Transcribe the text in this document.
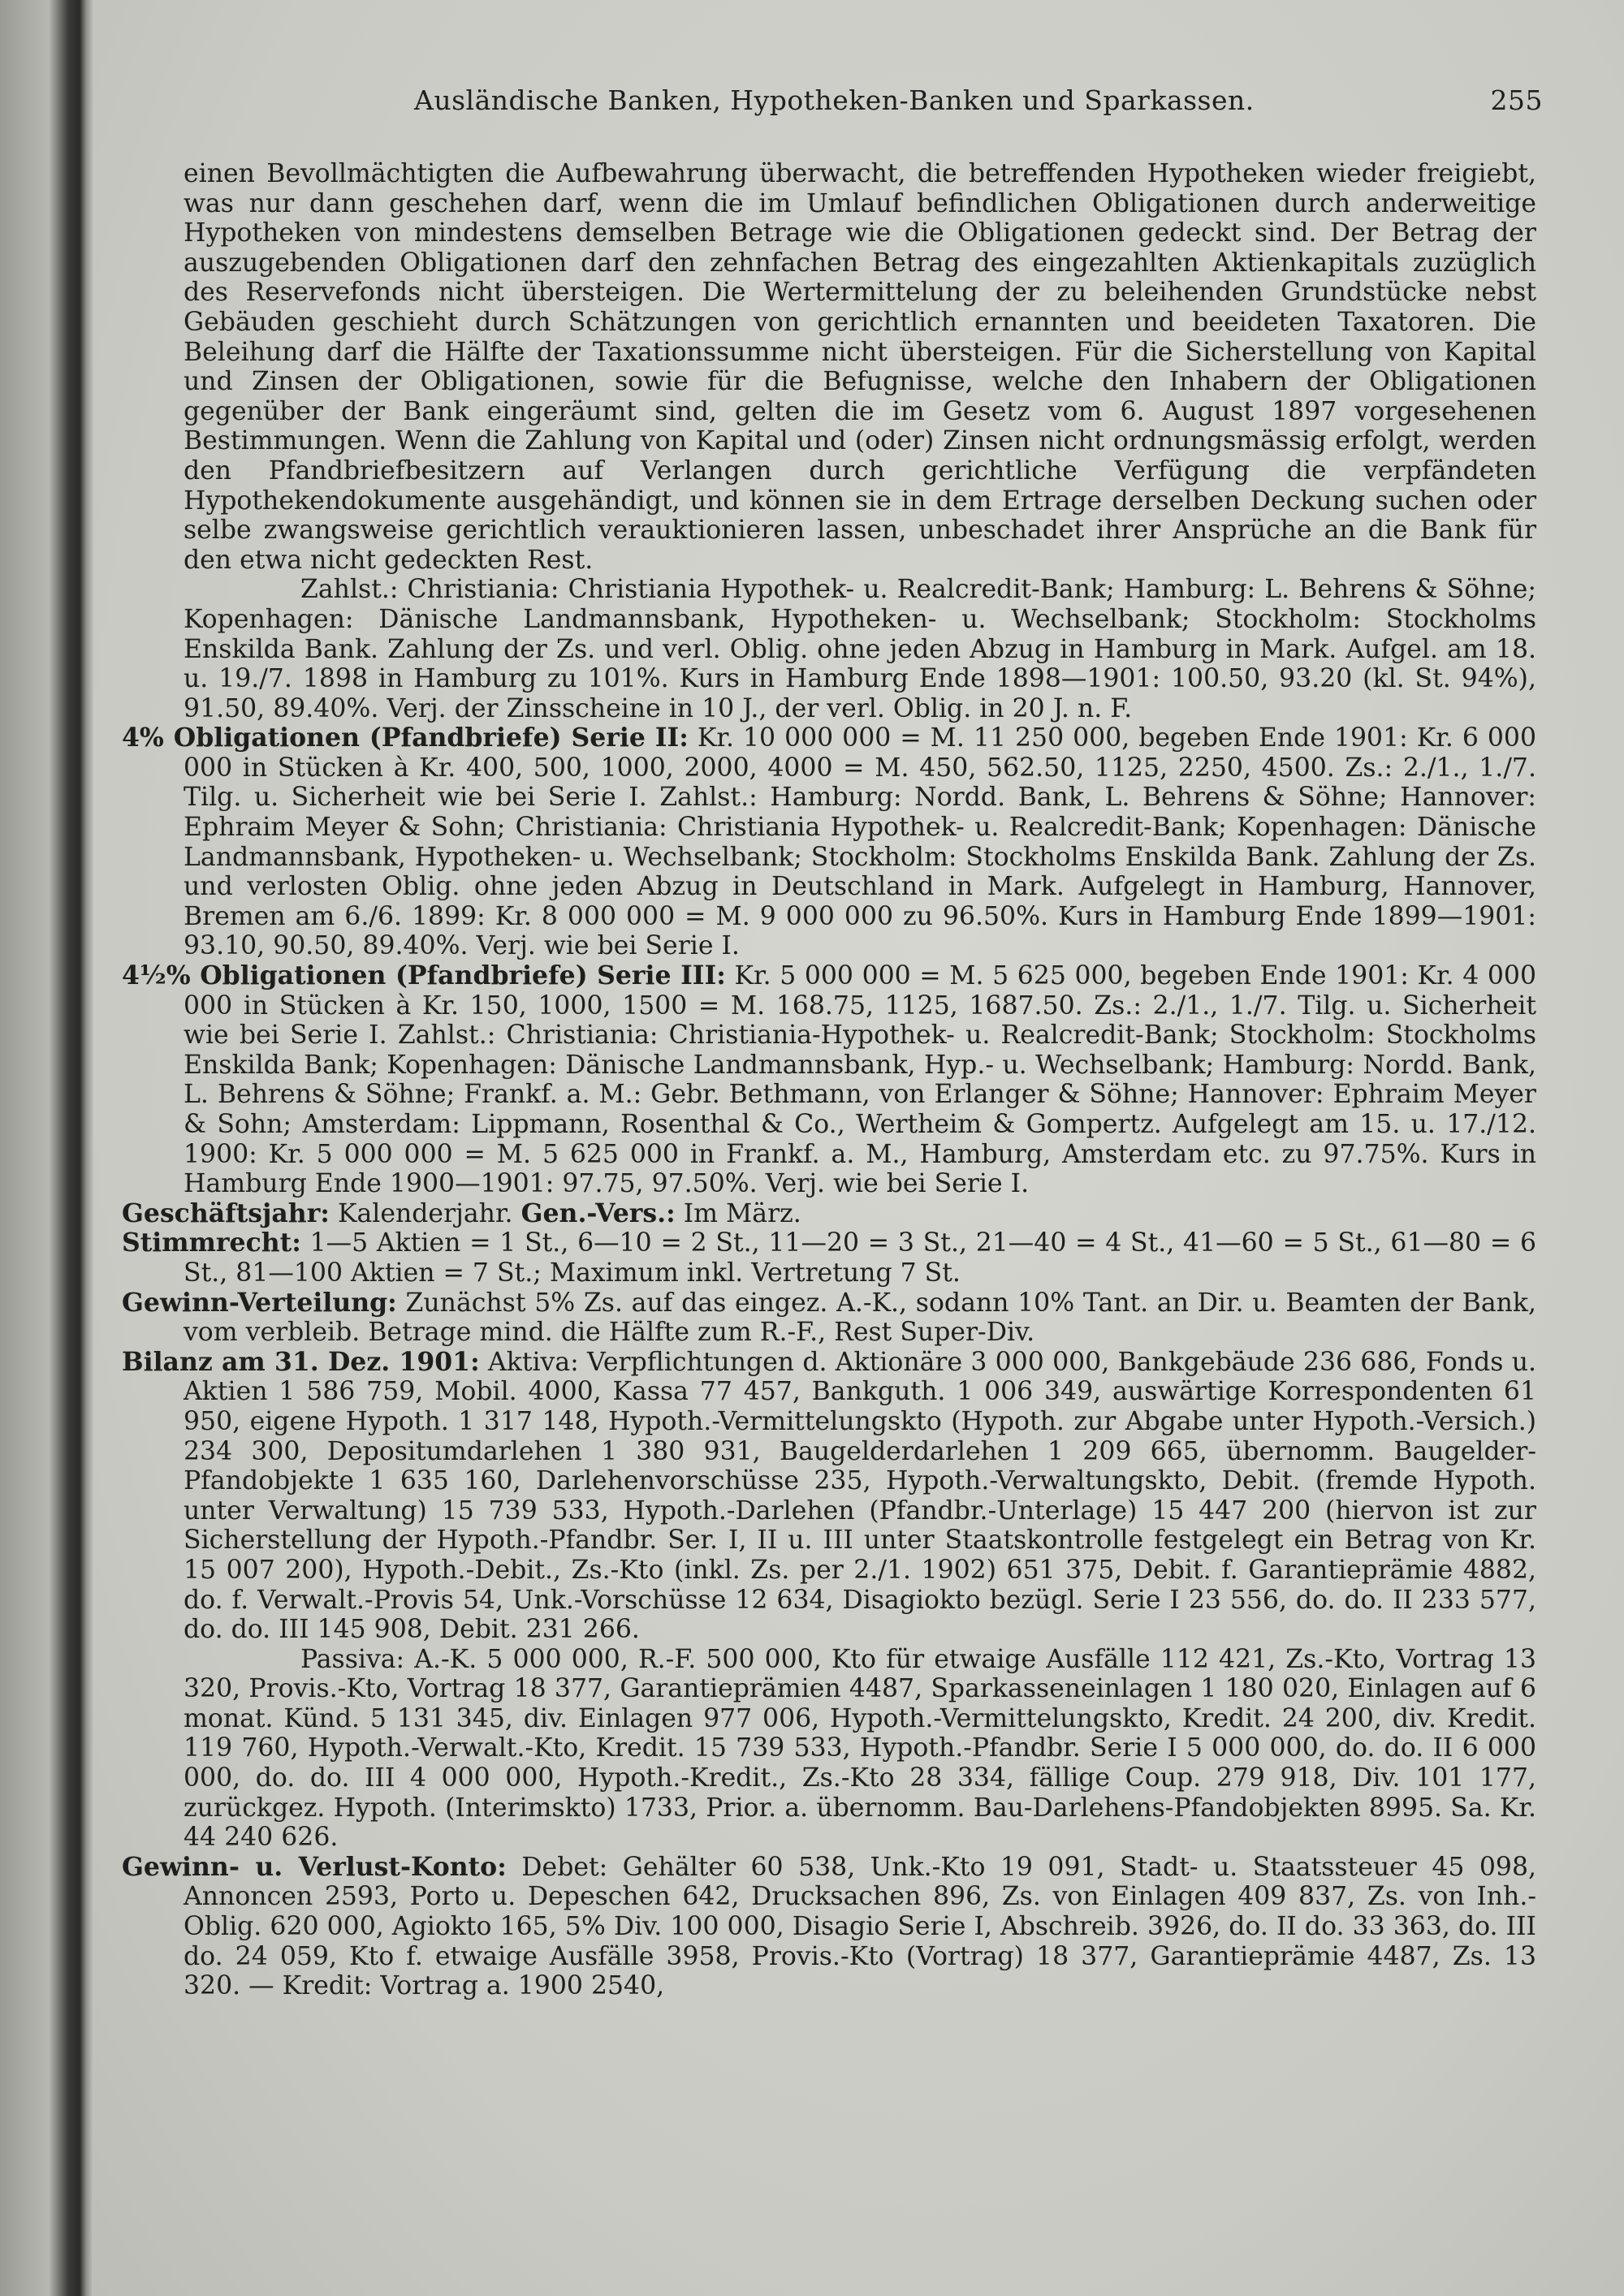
Ausländische Banken, Hypotheken-Banken und Sparkassen.	255

einen Bevollmächtigten die Aufbewahrung überwacht, die betreffenden Hypotheken wieder freigiebt, was nur dann geschehen darf, wenn die im Umlauf befindlichen Obligationen durch anderweitige Hypotheken von mindestens demselben Betrage wie die Obligationen gedeckt sind. Der Betrag der auszugebenden Obligationen darf den zehnfachen Betrag des eingezahlten Aktienkapitals zuzüglich des Reservefonds nicht übersteigen. Die Wertermittelung der zu beleihenden Grundstücke nebst Gebäuden geschieht durch Schätzungen von gerichtlich ernannten und beeideten Taxatoren. Die Beleihung darf die Hälfte der Taxationssumme nicht übersteigen. Für die Sicherstellung von Kapital und Zinsen der Obligationen, sowie für die Befugnisse, welche den Inhabern der Obligationen gegenüber der Bank eingeräumt sind, gelten die im Gesetz vom 6. August 1897 vorgesehenen Bestimmungen. Wenn die Zahlung von Kapital und (oder) Zinsen nicht ordnungsmässig erfolgt, werden den Pfandbriefbesitzern auf Verlangen durch gerichtliche Verfügung die verpfändeten Hypothekendokumente ausgehändigt, und können sie in dem Ertrage derselben Deckung suchen oder selbe zwangsweise gerichtlich verauktionieren lassen, unbeschadet ihrer Ansprüche an die Bank für den etwa nicht gedeckten Rest.

Zahlst.: Christiania: Christiania Hypothek- u. Realcredit-Bank; Hamburg: L. Behrens & Söhne; Kopenhagen: Dänische Landmannsbank, Hypotheken- u. Wechselbank; Stockholm: Stockholms Enskilda Bank. Zahlung der Zs. und verl. Oblig. ohne jeden Abzug in Hamburg in Mark. Aufgel. am 18. u. 19./7. 1898 in Hamburg zu 101%. Kurs in Hamburg Ende 1898—1901: 100.50, 93.20 (kl. St. 94%), 91.50, 89.40%. Verj. der Zinsscheine in 10 J., der verl. Oblig. in 20 J. n. F.

4% Obligationen (Pfandbriefe) Serie II: Kr. 10 000 000 = M. 11 250 000, begeben Ende 1901: Kr. 6 000 000 in Stücken à Kr. 400, 500, 1000, 2000, 4000 = M. 450, 562.50, 1125, 2250, 4500. Zs.: 2./1., 1./7. Tilg. u. Sicherheit wie bei Serie I. Zahlst.: Hamburg: Nordd. Bank, L. Behrens & Söhne; Hannover: Ephraim Meyer & Sohn; Christiania: Christiania Hypothek- u. Realcredit-Bank; Kopenhagen: Dänische Landmannsbank, Hypotheken- u. Wechselbank; Stockholm: Stockholms Enskilda Bank. Zahlung der Zs. und verlosten Oblig. ohne jeden Abzug in Deutschland in Mark. Aufgelegt in Hamburg, Hannover, Bremen am 6./6. 1899: Kr. 8 000 000 = M. 9 000 000 zu 96.50%. Kurs in Hamburg Ende 1899—1901: 93.10, 90.50, 89.40%. Verj. wie bei Serie I.

4½% Obligationen (Pfandbriefe) Serie III: Kr. 5 000 000 = M. 5 625 000, begeben Ende 1901: Kr. 4 000 000 in Stücken à Kr. 150, 1000, 1500 = M. 168.75, 1125, 1687.50. Zs.: 2./1., 1./7. Tilg. u. Sicherheit wie bei Serie I. Zahlst.: Christiania: Christiania-Hypothek- u. Realcredit-Bank; Stockholm: Stockholms Enskilda Bank; Kopenhagen: Dänische Landmannsbank, Hyp.- u. Wechselbank; Hamburg: Nordd. Bank, L. Behrens & Söhne; Frankf. a. M.: Gebr. Bethmann, von Erlanger & Söhne; Hannover: Ephraim Meyer & Sohn; Amsterdam: Lippmann, Rosenthal & Co., Wertheim & Gompertz. Aufgelegt am 15. u. 17./12. 1900: Kr. 5 000 000 = M. 5 625 000 in Frankf. a. M., Hamburg, Amsterdam etc. zu 97.75%. Kurs in Hamburg Ende 1900—1901: 97.75, 97.50%. Verj. wie bei Serie I.

Geschäftsjahr: Kalenderjahr. Gen.-Vers.: Im März.

Stimmrecht: 1—5 Aktien = 1 St., 6—10 = 2 St., 11—20 = 3 St., 21—40 = 4 St., 41—60 = 5 St., 61—80 = 6 St., 81—100 Aktien = 7 St.; Maximum inkl. Vertretung 7 St.

Gewinn-Verteilung: Zunächst 5% Zs. auf das eingez. A.-K., sodann 10% Tant. an Dir. u. Beamten der Bank, vom verbleib. Betrage mind. die Hälfte zum R.-F., Rest Super-Div.

Bilanz am 31. Dez. 1901: Aktiva: Verpflichtungen d. Aktionäre 3 000 000, Bankgebäude 236 686, Fonds u. Aktien 1 586 759, Mobil. 4000, Kassa 77 457, Bankguth. 1 006 349, auswärtige Korrespondenten 61 950, eigene Hypoth. 1 317 148, Hypoth.-Vermittelungskto (Hypoth. zur Abgabe unter Hypoth.-Versich.) 234 300, Depositumdarlehen 1 380 931, Baugelderdarlehen 1 209 665, übernomm. Baugelder-Pfandobjekte 1 635 160, Darlehenvorschüsse 235, Hypoth.-Verwaltungskto, Debit. (fremde Hypoth. unter Verwaltung) 15 739 533, Hypoth.-Darlehen (Pfandbr.-Unterlage) 15 447 200 (hiervon ist zur Sicherstellung der Hypoth.-Pfandbr. Ser. I, II u. III unter Staatskontrolle festgelegt ein Betrag von Kr. 15 007 200), Hypoth.-Debit., Zs.-Kto (inkl. Zs. per 2./1. 1902) 651 375, Debit. f. Garantieprämie 4882, do. f. Verwalt.-Provis 54, Unk.-Vorschüsse 12 634, Disagiokto bezügl. Serie I 23 556, do. do. II 233 577, do. do. III 145 908, Debit. 231 266.

Passiva: A.-K. 5 000 000, R.-F. 500 000, Kto für etwaige Ausfälle 112 421, Zs.-Kto, Vortrag 13 320, Provis.-Kto, Vortrag 18 377, Garantieprämien 4487, Sparkasseneinlagen 1 180 020, Einlagen auf 6 monat. Künd. 5 131 345, div. Einlagen 977 006, Hypoth.-Vermittelungskto, Kredit. 24 200, div. Kredit. 119 760, Hypoth.-Verwalt.-Kto, Kredit. 15 739 533, Hypoth.-Pfandbr. Serie I 5 000 000, do. do. II 6 000 000, do. do. III 4 000 000, Hypoth.-Kredit., Zs.-Kto 28 334, fällige Coup. 279 918, Div. 101 177, zurückgez. Hypoth. (Interimskto) 1733, Prior. a. übernomm. Bau-Darlehens-Pfandobjekten 8995. Sa. Kr. 44 240 626.

Gewinn- u. Verlust-Konto: Debet: Gehälter 60 538, Unk.-Kto 19 091, Stadt- u. Staatssteuer 45 098, Annoncen 2593, Porto u. Depeschen 642, Drucksachen 896, Zs. von Einlagen 409 837, Zs. von Inh.-Oblig. 620 000, Agiokto 165, 5% Div. 100 000, Disagio Serie I, Abschreib. 3926, do. II do. 33 363, do. III do. 24 059, Kto f. etwaige Ausfälle 3958, Provis.-Kto (Vortrag) 18 377, Garantieprämie 4487, Zs. 13 320. — Kredit: Vortrag a. 1900 2540,
